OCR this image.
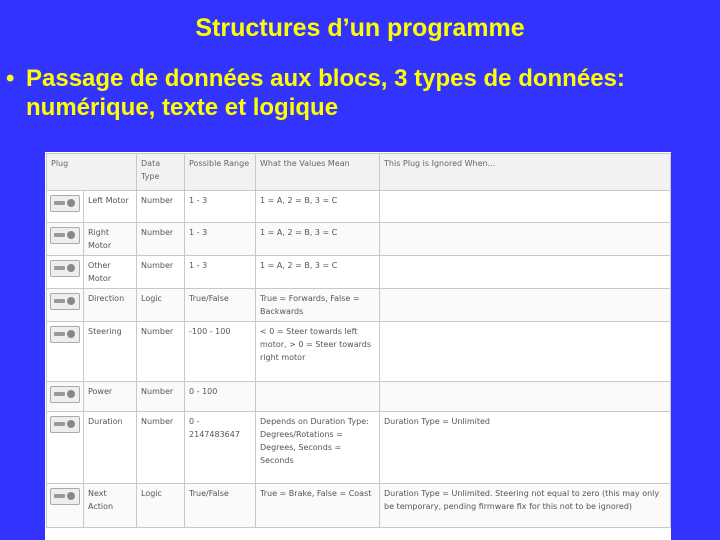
Structures d’un programme
• Passage de données aux blocs, 3 types de données: numérique, texte et logique
Plug		Data Type	Possible Range	What the Values Mean	This Plug is Ignored When...

	Left Motor	Number	1 - 3	1 = A, 2 = B, 3 = C	

	Right Motor	Number	1 - 3	1 = A, 2 = B, 3 = C	

	Other Motor	Number	1 - 3	1 = A, 2 = B, 3 = C	

	Direction	Logic	True/False	True = Forwards, False = Backwards	

	Steering	Number	-100 - 100	< 0 = Steer towards left motor, > 0 = Steer towards right motor	

	Power	Number	0 - 100		

	Duration	Number	0 - 2147483647	Depends on Duration Type: Degrees/Rotations = Degrees, Seconds = Seconds	Duration Type = Unlimited

	Next Action	Logic	True/False	True = Brake, False = Coast	Duration Type = Unlimited. Steering not equal to zero (this may only be temporary, pending firmware fix for this not to be ignored)
